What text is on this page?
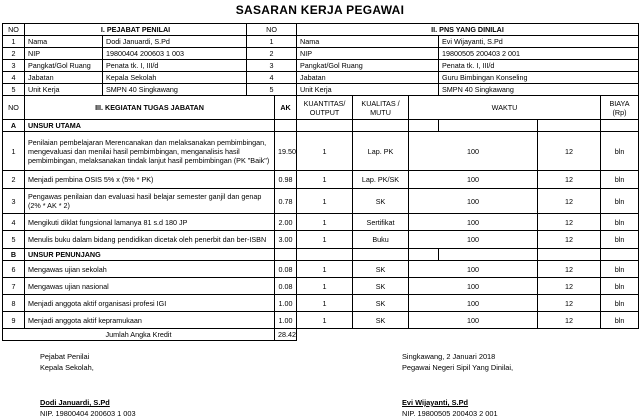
SASARAN KERJA PEGAWAI
NO	I. PEJABAT PENILAI		NO		II. PNS YANG DINILAI					
1	Nama	Dodi Januardi, S.Pd	1		Nama			Evi Wijayanti, S.Pd		
2	NIP	19800404 200603 1 003	2		NIP			19800505 200403 2 001		
3	Pangkat/Gol Ruang	Penata tk. I, III/d	3		Pangkat/Gol Ruang			Penata tk. I, III/d		
4	Jabatan	Kepala Sekolah	4		Jabatan			Guru Bimbingan Konseling		
5	Unit Kerja	SMPN 40 Singkawang	5		Unit Kerja			SMPN 40 Singkawang		
NO	III. KEGIATAN TUGAS JABATAN			AK	KUANTITAS/ OUTPUT	KUALITAS / MUTU	WAKTU			BIAYA (Rp)
A	UNSUR UTAMA									
1	Penilaian pembelajaran Merencanakan dan melaksanakan pembimbingan, mengevaluasi dan menilai hasil pembimbingan, menganalisis hasil pembimbingan, melaksanakan tindak lanjut hasil pembimbingan (PK "Baik")			19.50	1	Lap. PK	100		12	bln
2	Menjadi pembina OSIS 5% x (5% * PK)			0.98	1	Lap. PK/SK	100		12	bln
3	Pengawas penilaian dan evaluasi hasil belajar semester ganjil dan genap (2% * AK * 2)			0.78	1	SK	100		12	bln
4	Mengikuti diklat fungsional lamanya 81 s.d 180 JP			2.00	1	Sertifikat	100		12	bln
5	Menulis buku dalam bidang pendidikan dicetak oleh penerbit dan ber-ISBN			3.00	1	Buku	100		12	bln
B	UNSUR PENUNJANG									
6	Mengawas ujian sekolah			0.08	1	SK	100		12	bln
7	Mengawas ujian nasional			0.08	1	SK	100		12	bln
8	Menjadi anggota aktif organisasi profesi IGI			1.00	1	SK	100		12	bln
9	Menjadi anggota aktif kepramukaan			1.00	1	SK	100		12	bln
Jumlah Angka Kredit				28.42						
Pejabat Penilai
Kepala Sekolah,
Dodi Januardi, S.Pd
NIP. 19800404 200603 1 003
Singkawang, 2 Januari 2018
Pegawai Negeri Sipil Yang Dinilai,
Evi Wijayanti, S.Pd
NIP. 19800505 200403 2 001
